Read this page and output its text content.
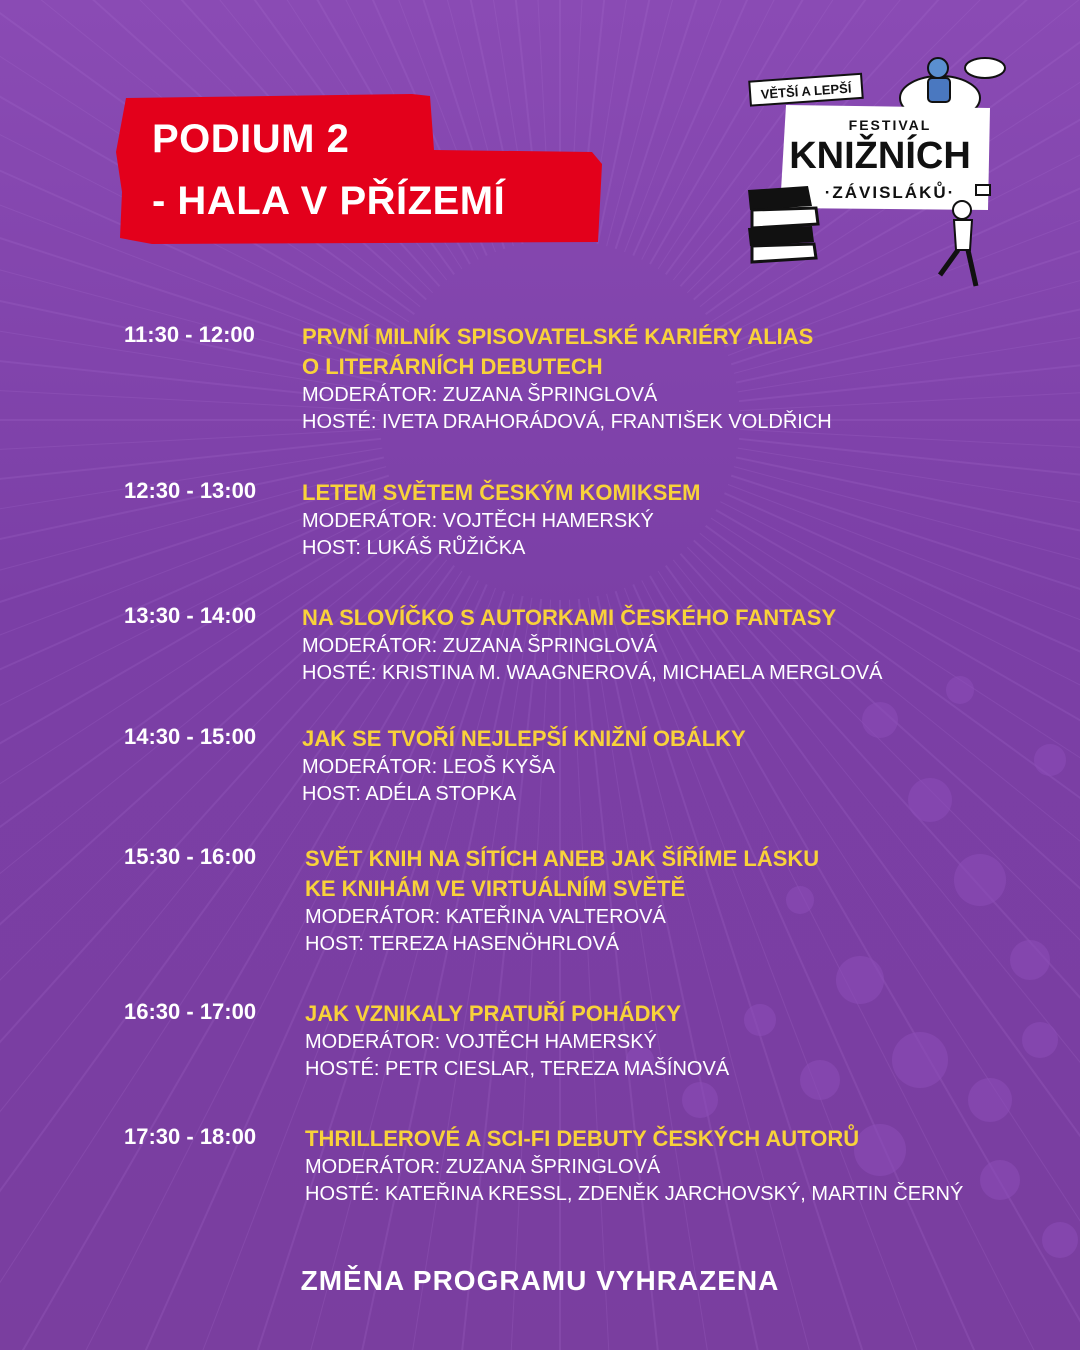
PODIUM 2
- HALA V PŘÍZEMÍ
VĚTŠÍ A LEPŠÍ
FESTIVAL
KNIŽNÍCH
·ZÁVISLÁKŮ·
11:30 - 12:00 PRVNÍ MILNÍK SPISOVATELSKÉ KARIÉRY ALIAS

O LITERÁRNÍCH DEBUTECH

MODERÁTOR: ZUZANA ŠPRINGLOVÁ

HOSTÉ: IVETA DRAHORÁDOVÁ, FRANTIŠEK VOLDŘICH

12:30 - 13:00 LETEM SVĚTEM ČESKÝM KOMIKSEM

MODERÁTOR: VOJTĚCH HAMERSKÝ

HOST: LUKÁŠ RŮŽIČKA

13:30 - 14:00 NA SLOVÍČKO S AUTORKAMI ČESKÉHO FANTASY

MODERÁTOR: ZUZANA ŠPRINGLOVÁ

HOSTÉ: KRISTINA M. WAAGNEROVÁ, MICHAELA MERGLOVÁ

14:30 - 15:00 JAK SE TVOŘÍ NEJLEPŠÍ KNIŽNÍ OBÁLKY

MODERÁTOR: LEOŠ KYŠA

HOST: ADÉLA STOPKA

15:30 - 16:00 SVĚT KNIH NA SÍTÍCH ANEB JAK ŠÍŘÍME LÁSKU

KE KNIHÁM VE VIRTUÁLNÍM SVĚTĚ

MODERÁTOR: KATEŘINA VALTEROVÁ

HOST: TEREZA HASENÖHRLOVÁ

16:30 - 17:00 JAK VZNIKALY PRATUŘÍ POHÁDKY

MODERÁTOR: VOJTĚCH HAMERSKÝ

HOSTÉ: PETR CIESLAR, TEREZA MAŠÍNOVÁ

17:30 - 18:00 THRILLEROVÉ A SCI-FI DEBUTY ČESKÝCH AUTORŮ

MODERÁTOR: ZUZANA ŠPRINGLOVÁ

HOSTÉ: KATEŘINA KRESSL, ZDENĚK JARCHOVSKÝ, MARTIN ČERNÝ

ZMĚNA PROGRAMU VYHRAZENA
